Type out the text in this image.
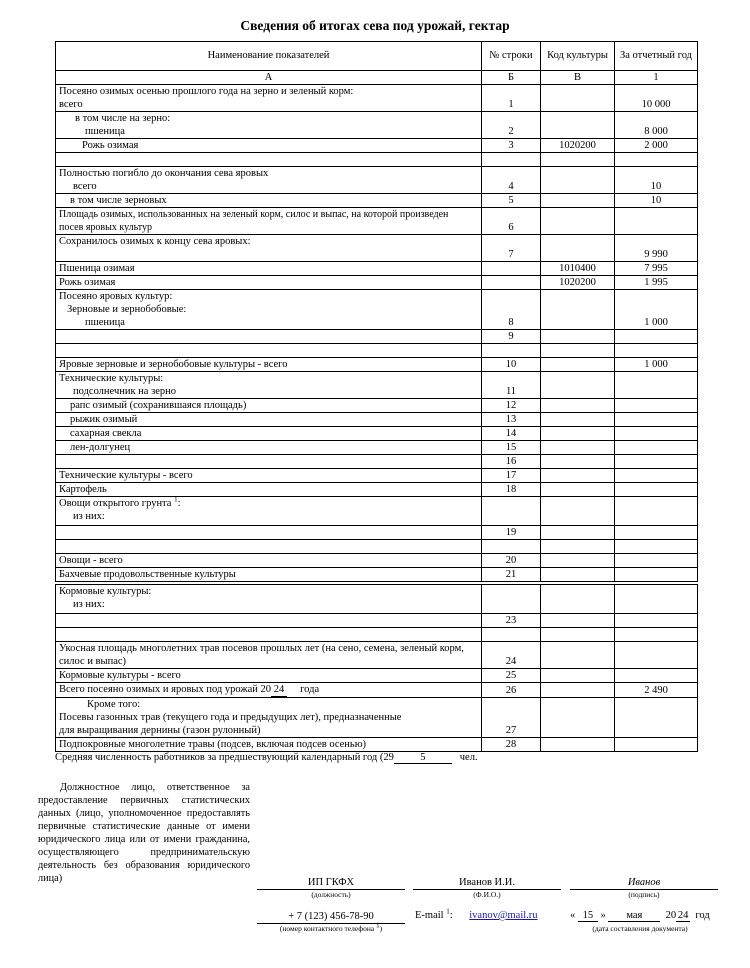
Сведения об итогах сева под урожай, гектар
Наименование показателей	№ строки	Код культуры	За отчетный год
А	Б	В	1

Посеяно озимых осенью прошлого года на зерно и зеленый корм:
всего	1		10 000

в том числе на зерно:
пшеница	2		8 000
Рожь озимая	3	1020200	2 000

Полностью погибло до окончания сева яровых
всего	4		10
в том числе зерновых	5		10

Площадь озимых, использованных на зеленый корм, силос и выпас, на которой произведен
посев яровых культур	6		
Сохранилось озимых к концу сева яровых:	7		9 990
Пшеница озимая		1010400	7 995
Рожь озимая		1020200	1 995

Посеяно яровых культур:
Зерновые и зернобобовые:
пшеница	8		1 000
	9		

Яровые зерновые и зернобобовые культуры - всего	10		1 000

Технические культуры:
подсолнечник на зерно	11		
рапс озимый (сохранившаяся площадь)	12		
рыжик озимый	13		
сахарная свекла	14		
лен-долгунец	15		
	16		
Технические культуры - всего	17		
Картофель	18		

Овощи открытого грунта $^1$:
из них:			

	19		

Овощи - всего	20		
Бахчевые продовольственные культуры	21		

Кормовые культуры:
из них:			

	23		

Укосная площадь многолетних трав посевов прошлых лет (на сено, семена, зеленый корм,
силос и выпас)	24		
Кормовые культуры - всего	25		
Всего посеяно озимых и яровых под урожай 20 24 года	26		2 490

Кроме того:
Посевы газонных трав (текущего года и предыдущих лет), предназначенные
для выращивания дернины (газон рулонный)	27		
Подпокровные многолетние травы (подсев, включая подсев осенью)	28		
Средняя численность работников за предшествующий календарный год (29	5	чел.
Должностное лицо, ответственное за предоставление первичных статистических данных (лицо, уполномоченное предоставлять первичные статистические данные от имени юридического лица или от имени гражданина, осуществляющего предпринимательскую деятельность без образования юридического лица)	ИП ГКФХ
(должность)
Иванов И.И.
(Ф.И.О.)
Иванов
(подпись)
+ 7 (123) 456-78-90
(номер контактного телефона $^1$)
E-mail $^1$: ivanov@mail.ru	« 15 » мая 20 24 год
(дата составления документа)
